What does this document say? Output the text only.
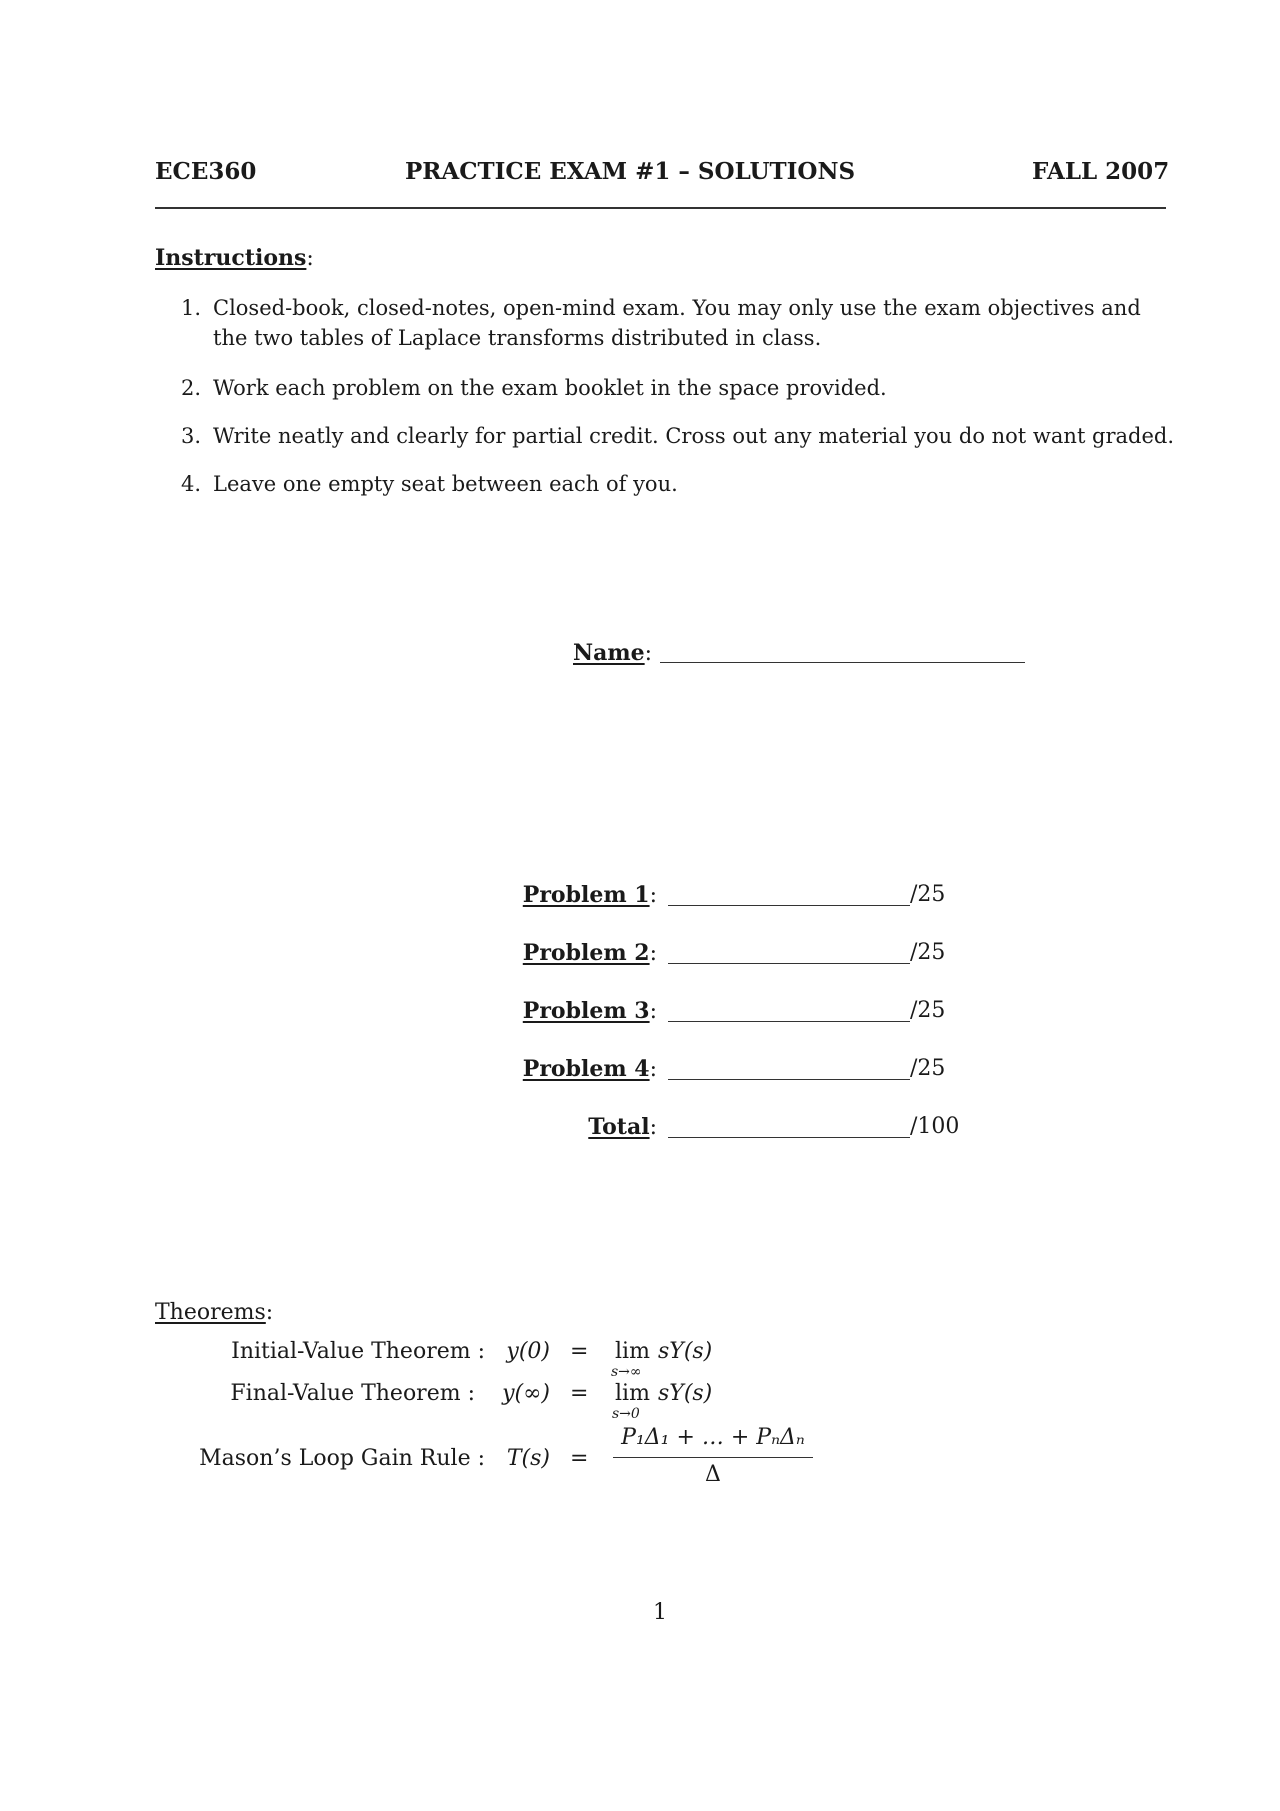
ECE360	PRACTICE EXAM #1 – SOLUTIONS	FALL 2007
Instructions:
1. Closed-book, closed-notes, open-mind exam. You may only use the exam objectives and the two tables of Laplace transforms distributed in class.
2. Work each problem on the exam booklet in the space provided.
3. Write neatly and clearly for partial credit. Cross out any material you do not want graded.
4. Leave one empty seat between each of you.
Name:
Problem 1:	/25
Problem 2:	/25
Problem 3:	/25
Problem 4:	/25
Total:	/100
Theorems:
Initial-Value Theorem : y(0) = lim
s→∞
sY(s)
Final-Value Theorem :	y(∞) = lim
s→0
sY(s)
Mason’s Loop Gain Rule : T(s) =
P₁Δ₁ + … + PₙΔₙ
Δ
1
